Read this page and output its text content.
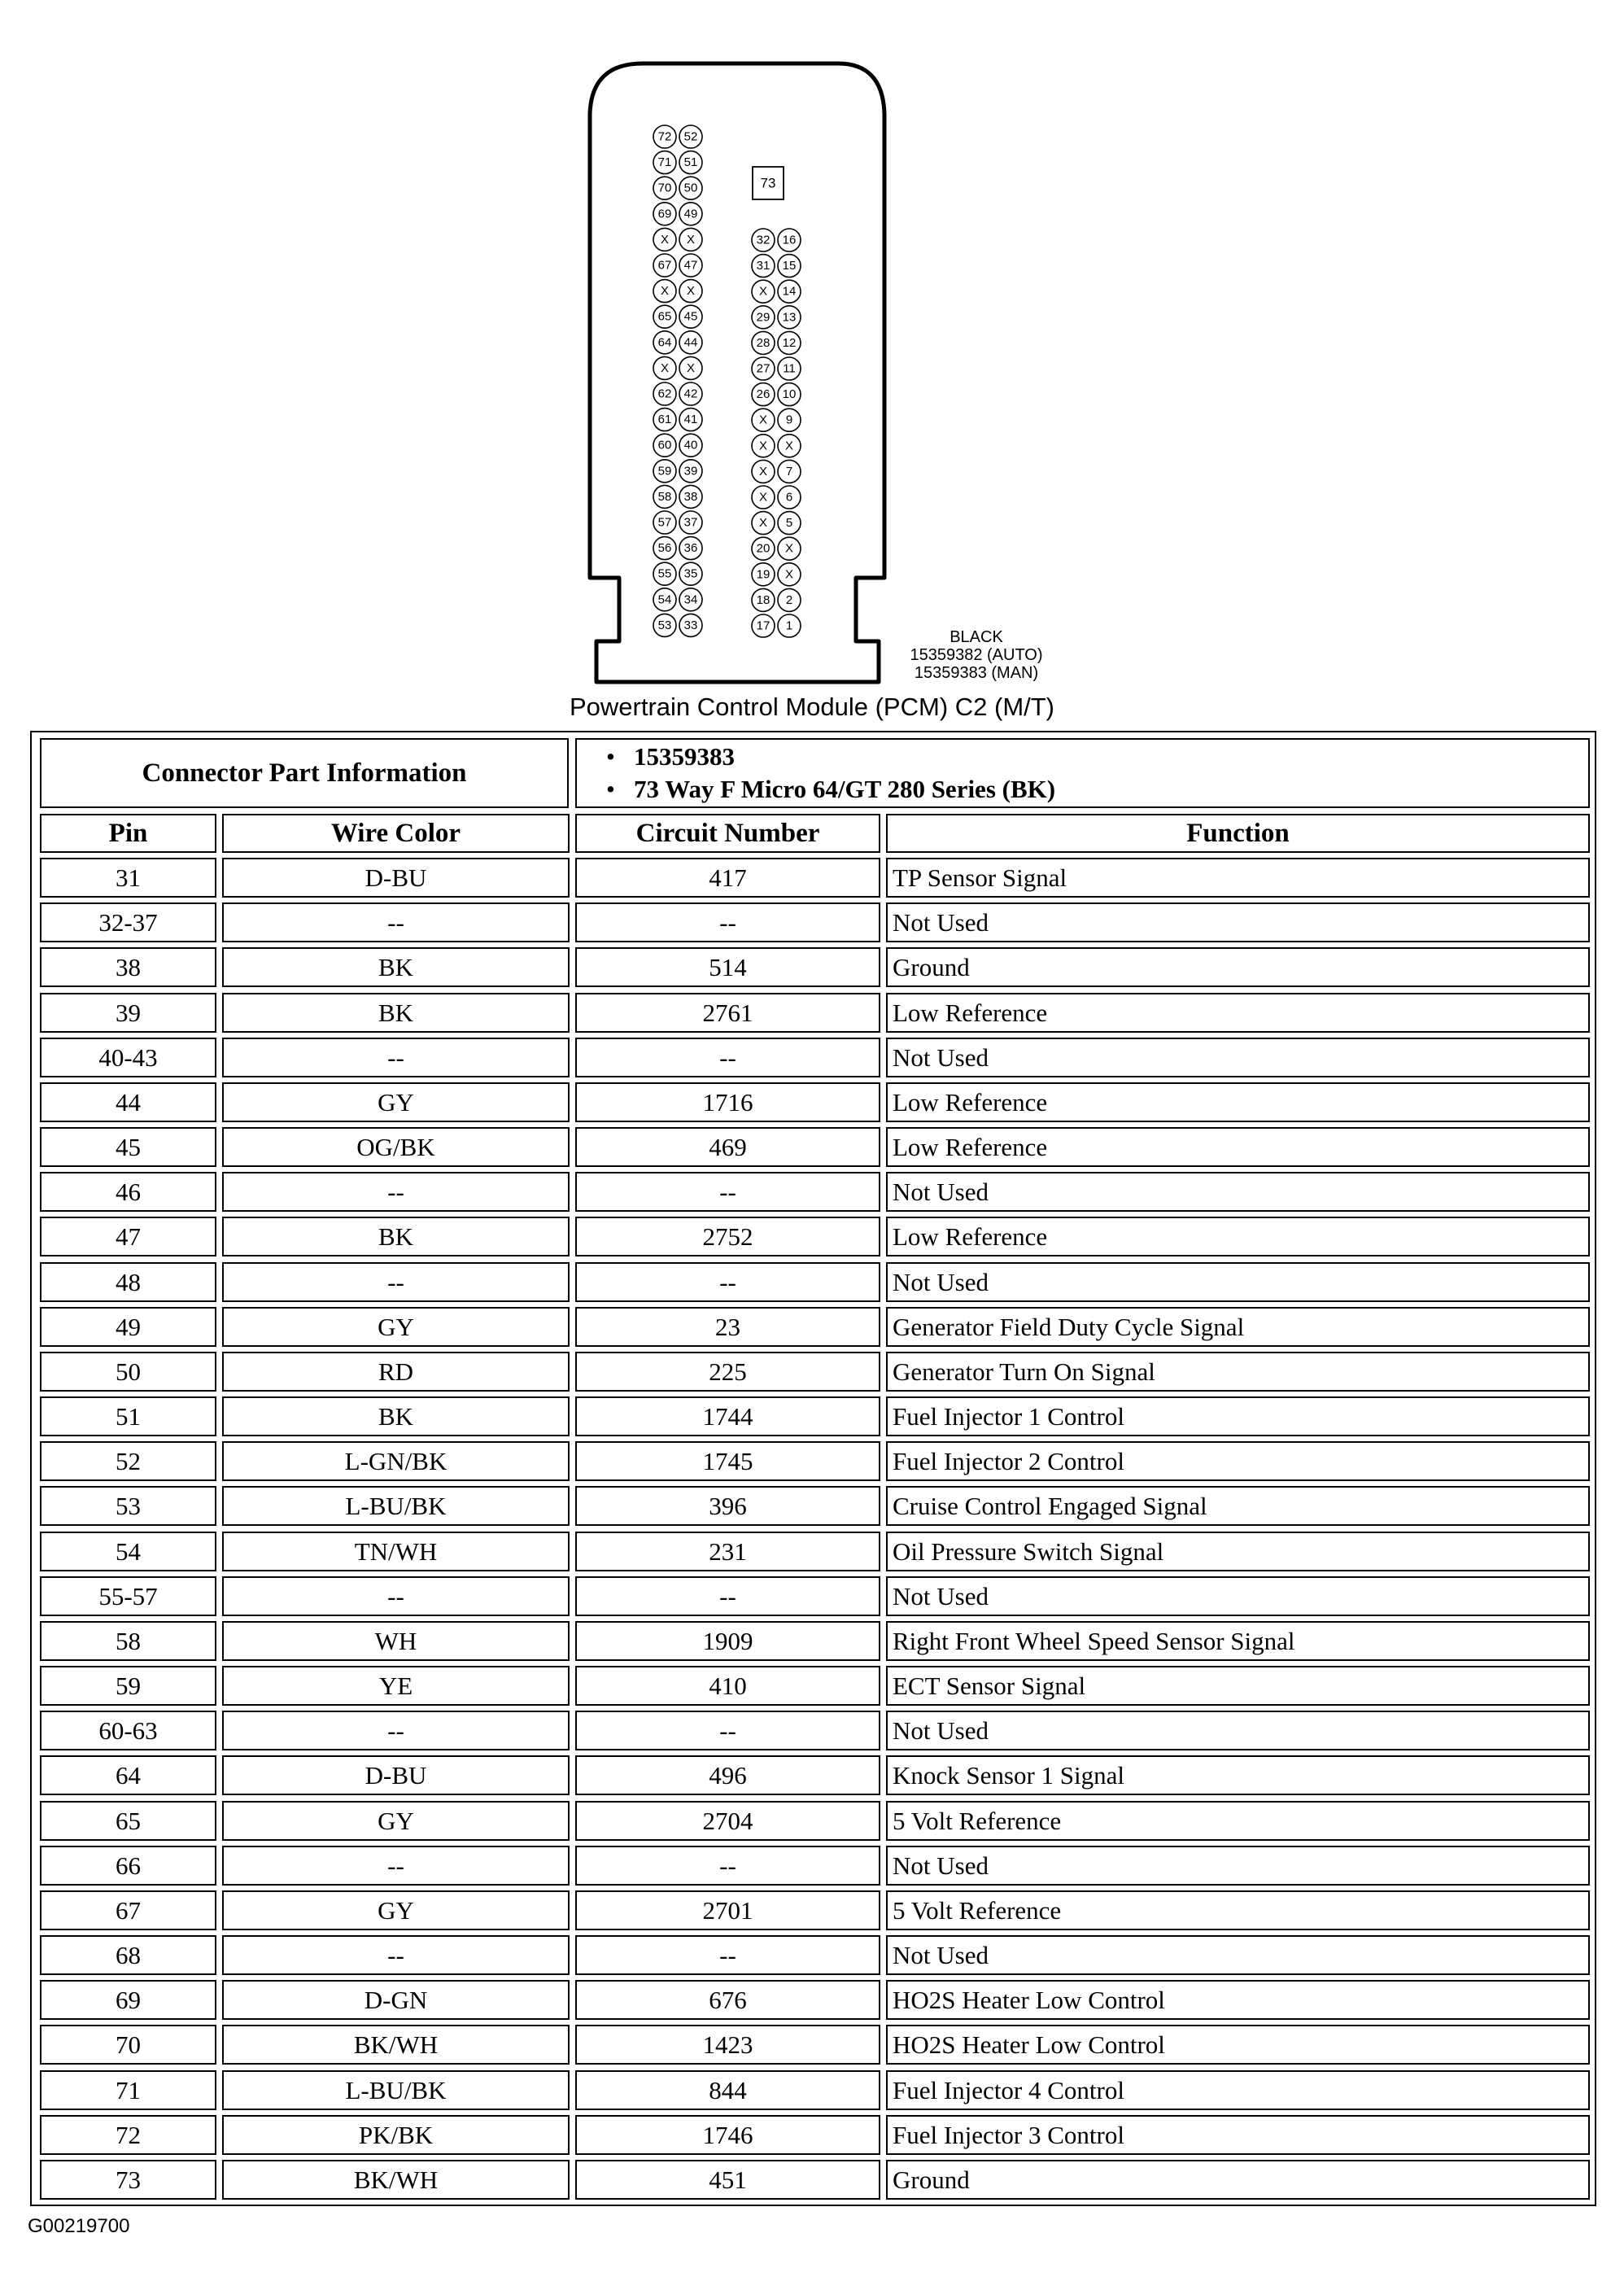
73
72
71
70
69
X
67
X
65
64
X
62
61
60
59
58
57
56
55
54
53
52
51
50
49
X
47
X
45
44
X
42
41
40
39
38
37
36
35
34
33
32
31
X
29
28
27
26
X
X
X
X
X
20
19
18
17
16
15
14
13
12
11
10
9
X
7
6
5
X
X
2
1
BLACK
15359382 (AUTO)
15359383 (MAN)
Powertrain Control Module (PCM) C2 (M/T)
Connector Part Information
• 15359383
• 73 Way F Micro 64/GT 280 Series (BK)
Pin	Wire Color	Circuit Number	Function
31	D-BU	417	TP Sensor Signal
32-37	--	--	Not Used
38	BK	514	Ground
39	BK	2761	Low Reference
40-43	--	--	Not Used
44	GY	1716	Low Reference
45	OG/BK	469	Low Reference
46	--	--	Not Used
47	BK	2752	Low Reference
48	--	--	Not Used
49	GY	23	Generator Field Duty Cycle Signal
50	RD	225	Generator Turn On Signal
51	BK	1744	Fuel Injector 1 Control
52	L-GN/BK	1745	Fuel Injector 2 Control
53	L-BU/BK	396	Cruise Control Engaged Signal
54	TN/WH	231	Oil Pressure Switch Signal
55-57	--	--	Not Used
58	WH	1909	Right Front Wheel Speed Sensor Signal
59	YE	410	ECT Sensor Signal
60-63	--	--	Not Used
64	D-BU	496	Knock Sensor 1 Signal
65	GY	2704	5 Volt Reference
66	--	--	Not Used
67	GY	2701	5 Volt Reference
68	--	--	Not Used
69	D-GN	676	HO2S Heater Low Control
70	BK/WH	1423	HO2S Heater Low Control
71	L-BU/BK	844	Fuel Injector 4 Control
72	PK/BK	1746	Fuel Injector 3 Control
73	BK/WH	451	Ground
G00219700
